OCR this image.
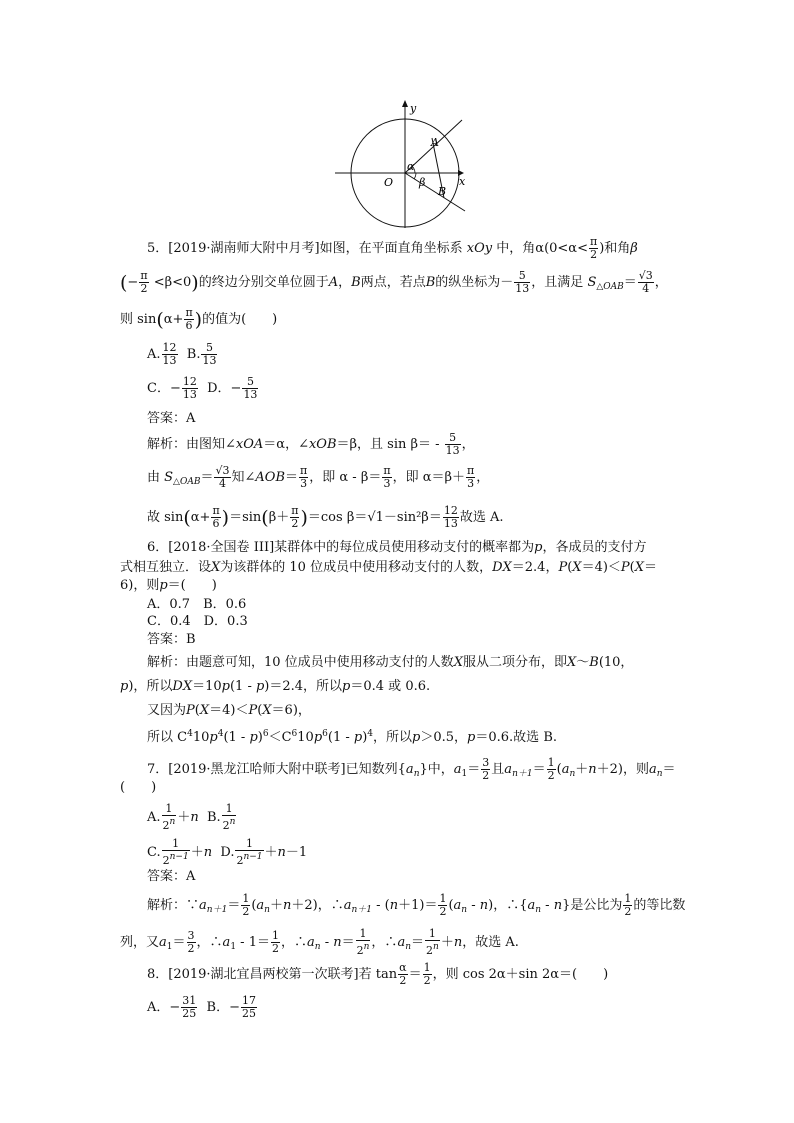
y
A
α
O β
B
x
5．[2019·湖南师大附中月考]如图，在平面直角坐标系 xOy 中，角$\alpha(0<\alpha< \frac{\pi}{2}$ )和角β
(− $\frac{\pi}{2} <\beta<0$)的终边分别交单位圆于A，B两点，若点B的纵坐标为－ $\frac{5}{13}$ ，且满足 $S_{\triangle OAB}= \frac{√3}{4}$ ，
则 $\sin(\alpha+ \frac{\pi}{6}$ )的值为(　　)
A. $\frac{12}{13} B$. $\frac{5}{13}$
C．− $\frac{12}{13}$ D．− $\frac{5}{13}$
答案：A
解析：由图知∠xOA＝α，∠xOB＝β，且 $\sin \beta= - \frac{5}{13}$ ，
由 $S_{\triangle OAB}= \frac{√3}{4}$ 知∠AOB＝ $\frac{\pi}{3}$ ，即 $\alpha - \beta= \frac{\pi}{3}$ ，即 $\alpha=\beta+ \frac{\pi}{3}$ ，
故 $\sin(\alpha+ \frac{\pi}{6} )=\sin(\beta+ \frac{\pi}{2} )=\cos$ $\beta=√1-\sin^2\beta= \frac{12}{13}$ 故选 A.
6．[2018·全国卷 III]某群体中的每位成员使用移动支付的概率都为p，各成员的支付方
式相互独立．设X为该群体的 10 位成员中使用移动支付的人数，DX＝2.4，P(X＝4)＜P(X＝
6)，则p＝(　　)
A．0.7　B．0.6
C．0.4　D．0.3
答案：B
解析：由题意可知，10 位成员中使用移动支付的人数X服从二项分布，即X～B(10，
p)，所以DX＝10p(1 - p)＝2.4，所以p＝0.4 或 0.6.
又因为P(X＝4)＜P(X＝6)，
所以 $C^410p^4(1 - p)^6<C^610p^6(1 - p)^4$，所以p＞0.5，p＝0.6.故选 B.
7．[2019·黑龙江哈师大附中联考]已知数列$\{a_n\}$中，$a_1= \frac{3}{2}$ 且$a_{n+1}= \frac{1}{2} (a_n+n+2)$，则$a_n=$
(　　)
A. $\frac{1}{2^n} +n$ B. $\frac{1}{2^n}$
C. $\frac{1}{2^{n-1}} +n$ D. $\frac{1}{2^{n-1}} +n-1$
答案：A
解析：$\because a_{n+1}= \frac{1}{2} (a_n+n+2)$，$\therefore a_{n+1} - (n+1)= \frac{1}{2} (a_n - n)$，$\therefore\{a_n - n\}$是公比为 $\frac{1}{2}$ 的等比数
列，又$a_1= \frac{3}{2}$ ，$\therefore a_1 - 1= \frac{1}{2}$ ，$\therefore a_n - n= \frac{1}{2^n}$ ，$\therefore a_n= \frac{1}{2^n} +n$，故选 A.
8．[2019·湖北宜昌两校第一次联考]若 $\tan \frac{\alpha}{2} = \frac{1}{2}$ ，则 cos 2α＋sin 2α＝(　　)
A．− $\frac{31}{25}$ B．− $\frac{17}{25}$
